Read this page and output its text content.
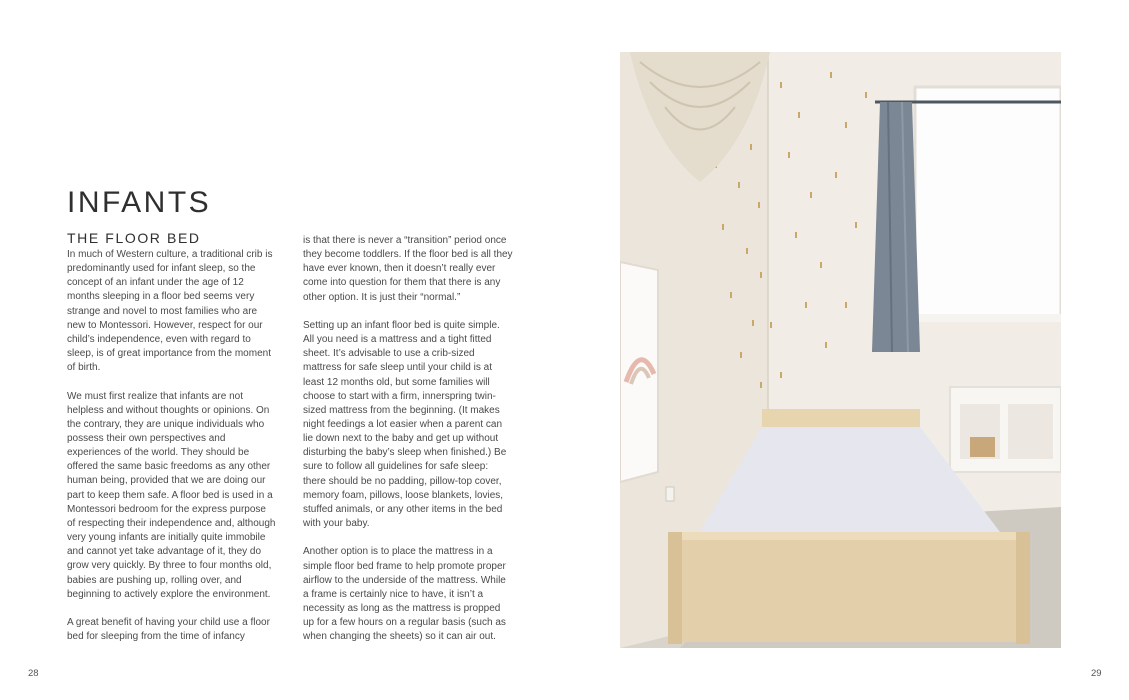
INFANTS
THE FLOOR BED

In much of Western culture, a traditional crib is predominantly used for infant sleep, so the concept of an infant under the age of 12 months sleeping in a floor bed seems very strange and novel to most families who are new to Montessori. However, respect for our child’s independence, even with regard to sleep, is of great importance from the moment of birth.

We must first realize that infants are not helpless and without thoughts or opinions. On the contrary, they are unique individuals who possess their own perspectives and experiences of the world. They should be offered the same basic freedoms as any other human being, provided that we are doing our part to keep them safe. A floor bed is used in a Montessori bedroom for the express purpose of respecting their independence and, although very young infants are initially quite immobile and cannot yet take advantage of it, they do grow very quickly. By three to four months old, babies are pushing up, rolling over, and beginning to actively explore the environment.

A great benefit of having your child use a floor bed for sleeping from the time of infancy

is that there is never a “transition” period once they become toddlers. If the floor bed is all they have ever known, then it doesn’t really ever come into question for them that there is any other option. It is just their “normal.”

Setting up an infant floor bed is quite simple. All you need is a mattress and a tight fitted sheet. It’s advisable to use a crib-sized mattress for safe sleep until your child is at least 12 months old, but some families will choose to start with a firm, innerspring twin-sized mattress from the beginning. (It makes night feedings a lot easier when a parent can lie down next to the baby and get up without disturbing the baby’s sleep when finished.) Be sure to follow all guidelines for safe sleep: there should be no padding, pillow-top cover, memory foam, pillows, loose blankets, lovies, stuffed animals, or any other items in the bed with your baby.

Another option is to place the mattress in a simple floor bed frame to help promote proper airflow to the underside of the mattress. While a frame is certainly nice to have, it isn’t a necessity as long as the mattress is propped up for a few hours on a regular basis (such as when changing the sheets) so it can air out.

28	29
